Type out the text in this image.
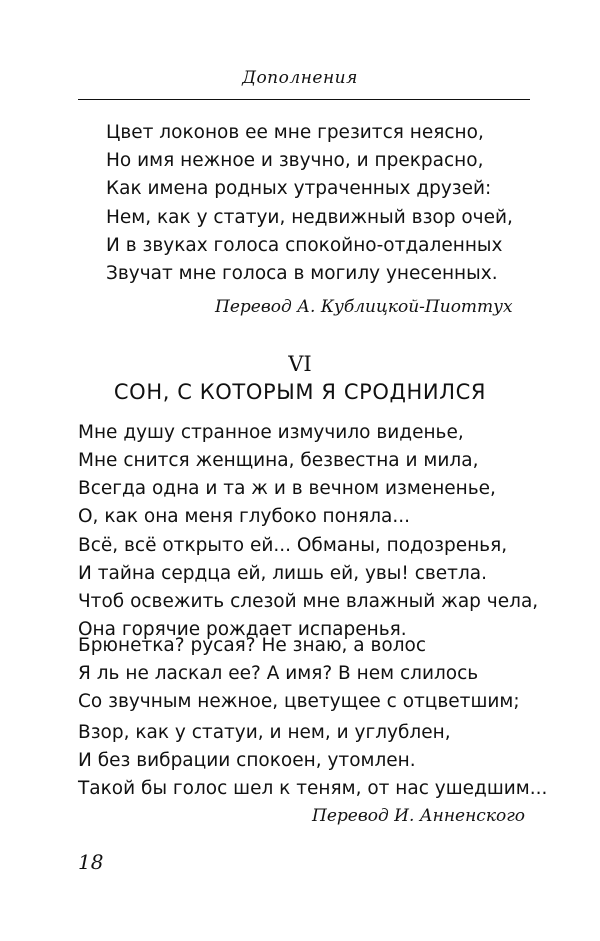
Дополнения
Цвет локонов ее мне грезится неясно,
Но имя нежное и звучно, и прекрасно,
Как имена родных утраченных друзей:
Нем, как у статуи, недвижный взор очей,
И в звуках голоса спокойно-отдаленных
Звучат мне голоса в могилу унесенных.
Перевод А. Кублицкой-Пиоттух
VI
СОН, С КОТОРЫМ Я СРОДНИЛСЯ
Мне душу странное измучило виденье,
Мне снится женщина, безвестна и мила,
Всегда одна и та ж и в вечном измененье,
О, как она меня глубоко поняла...
Всё, всё открыто ей... Обманы, подозренья,
И тайна сердца ей, лишь ей, увы! светла.
Чтоб освежить слезой мне влажный жар чела,
Она горячие рождает испаренья.
Брюнетка? русая? Не знаю, а волос
Я ль не ласкал ее? А имя? В нем слилось
Со звучным нежное, цветущее с отцветшим;
Взор, как у статуи, и нем, и углублен,
И без вибрации спокоен, утомлен.
Такой бы голос шел к теням, от нас ушедшим...
Перевод И. Анненского
18
